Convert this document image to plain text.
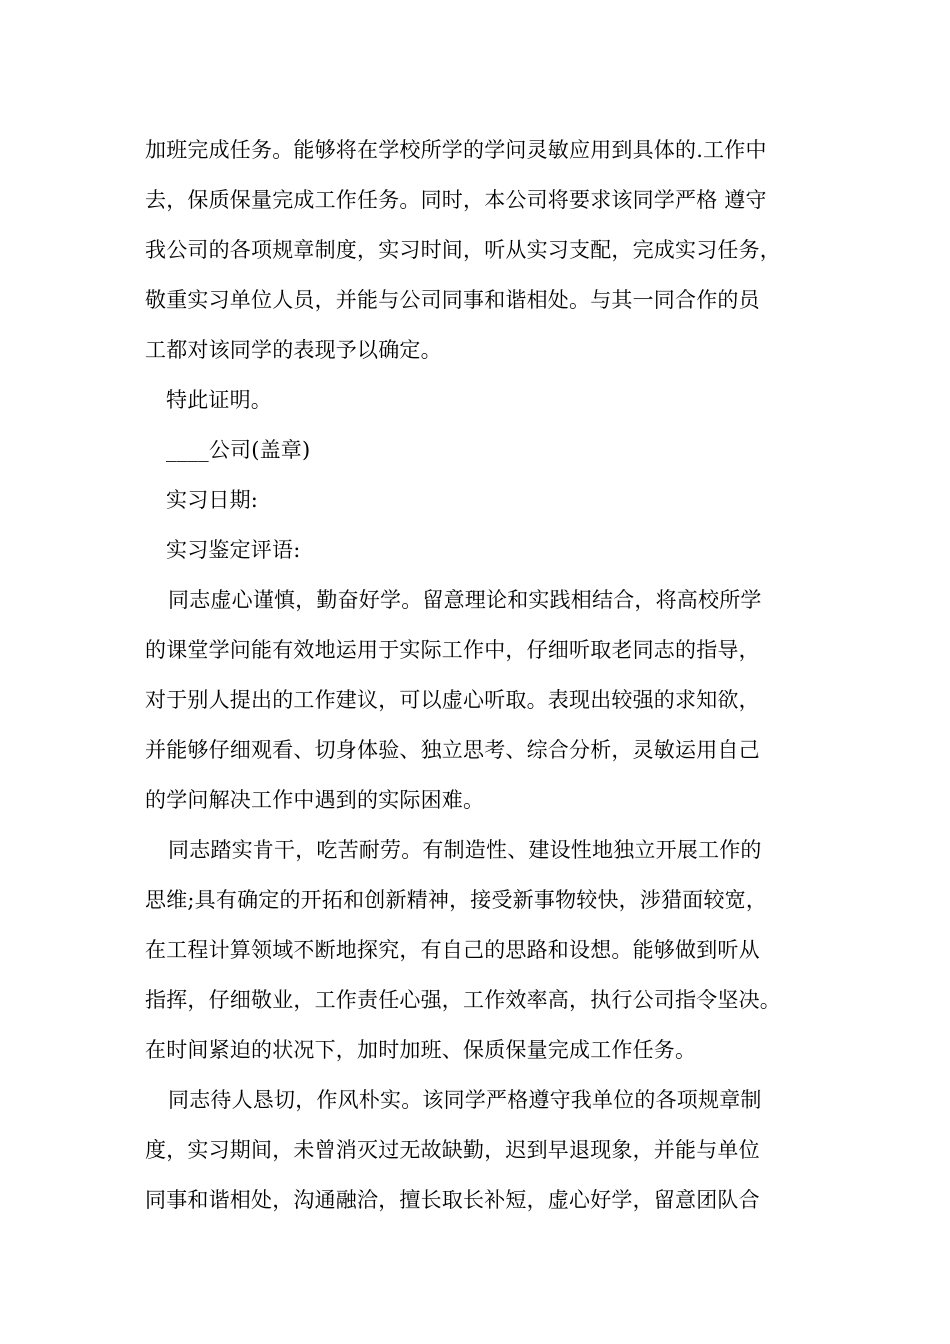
加班完成任务。能够将在学校所学的学问灵敏应用到具体的.工作中
去，保质保量完成工作任务。同时，本公司将要求该同学严格 遵守
我公司的各项规章制度，实习时间，听从实习支配，完成实习任务，
敬重实习单位人员，并能与公司同事和谐相处。与其一同合作的员
工都对该同学的表现予以确定。
特此证明。
____公司(盖章)
实习日期:
实习鉴定评语:
同志虚心谨慎，勤奋好学。留意理论和实践相结合，将高校所学
的课堂学问能有效地运用于实际工作中，仔细听取老同志的指导，
对于别人提出的工作建议，可以虚心听取。表现出较强的求知欲，
并能够仔细观看、切身体验、独立思考、综合分析，灵敏运用自己
的学问解决工作中遇到的实际困难。
同志踏实肯干，吃苦耐劳。有制造性、建设性地独立开展工作的
思维;具有确定的开拓和创新精神，接受新事物较快，涉猎面较宽，
在工程计算领域不断地探究，有自己的思路和设想。能够做到听从
指挥，仔细敬业，工作责任心强，工作效率高，执行公司指令坚决。
在时间紧迫的状况下，加时加班、保质保量完成工作任务。
同志待人恳切，作风朴实。该同学严格遵守我单位的各项规章制
度，实习期间，未曾消灭过无故缺勤，迟到早退现象，并能与单位
同事和谐相处，沟通融洽，擅长取长补短，虚心好学，留意团队合
